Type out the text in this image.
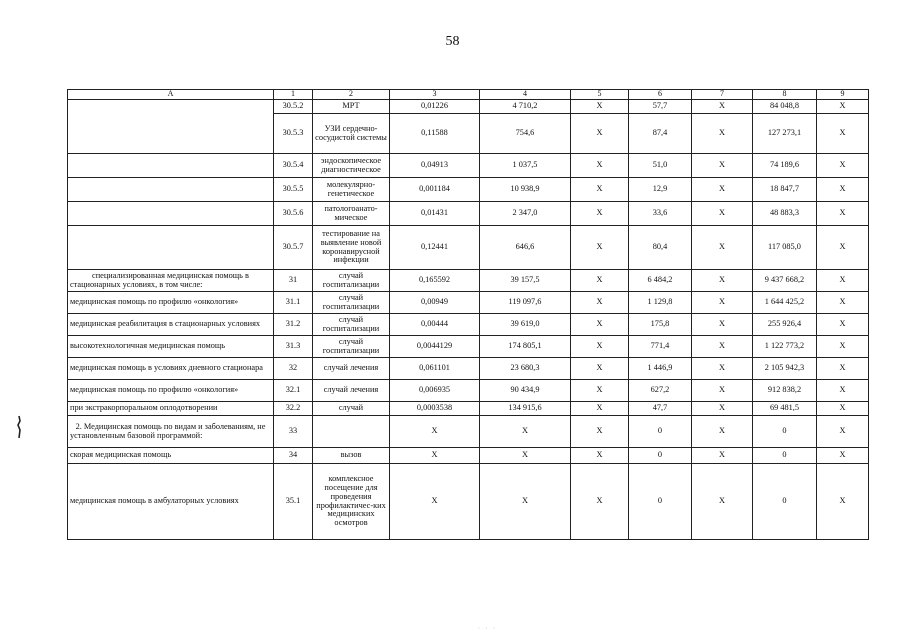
58
А	1	2	3	4	5	6	7	8	9
	30.5.2	МРТ	0,01226	4 710,2	Х	57,7	Х	84 048,8	Х
	30.5.3	УЗИ сердечно-сосудистой системы	0,11588	754,6	Х	87,4	Х	127 273,1	Х
	30.5.4	эндоскопическое диагностическое	0,04913	1 037,5	Х	51,0	Х	74 189,6	Х
	30.5.5	молекулярно-генетическое	0,001184	10 938,9	Х	12,9	Х	18 847,7	Х
	30.5.6	патологоанато-мическое	0,01431	2 347,0	Х	33,6	Х	48 883,3	Х
	30.5.7	тестирование на выявление новой коронавирусной инфекции	0,12441	646,6	Х	80,4	Х	117 085,0	Х
специализированная медицинская помощь в стационарных условиях, в том числе:	31	случай госпитализации	0,165592	39 157,5	Х	6 484,2	Х	9 437 668,2	Х
медицинская помощь по профилю «онкология»	31.1	случай госпитализации	0,00949	119 097,6	Х	1 129,8	Х	1 644 425,2	Х
медицинская реабилитация в стационарных условиях	31.2	случай госпитализации	0,00444	39 619,0	Х	175,8	Х	255 926,4	Х
высокотехнологичная медицинская помощь	31.3	случай госпитализации	0,0044129	174 805,1	Х	771,4	Х	1 122 773,2	Х
медицинская помощь в условиях дневного стационара	32	случай лечения	0,061101	23 680,3	Х	1 446,9	Х	2 105 942,3	Х
медицинская помощь по профилю «онкология»	32.1	случай лечения	0,006935	90 434,9	Х	627,2	Х	912 838,2	Х
при экстракорпоральном оплодотворении	32.2	случай	0,0003538	134 915,6	Х	47,7	Х	69 481,5	Х
2. Медицинская помощь по видам и заболеваниям, не установленным базовой программой:	33		Х	Х	Х	0	Х	0	Х
скорая медицинская помощь	34	вызов	Х	Х	Х	0	Х	0	Х
медицинская помощь в амбулаторных условиях	35.1	комплексное посещение для проведения профилактичес-ких медицинских осмотров	Х	Х	Х	0	Х	0	Х
· · ·
